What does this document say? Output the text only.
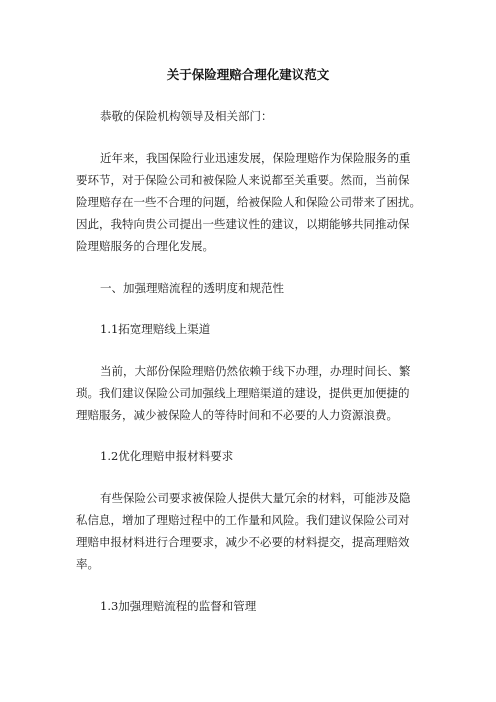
关于保险理赔合理化建议范文
恭敬的保险机构领导及相关部门：
近年来，我国保险行业迅速发展，保险理赔作为保险服务的重
要环节，对于保险公司和被保险人来说都至关重要。然而，当前保
险理赔存在一些不合理的问题，给被保险人和保险公司带来了困扰。
因此，我特向贵公司提出一些建议性的建议，以期能够共同推动保
险理赔服务的合理化发展。
一、加强理赔流程的透明度和规范性
1.1拓宽理赔线上渠道
当前，大部份保险理赔仍然依赖于线下办理，办理时间长、繁
琐。我们建议保险公司加强线上理赔渠道的建设，提供更加便捷的
理赔服务，减少被保险人的等待时间和不必要的人力资源浪费。
1.2优化理赔申报材料要求
有些保险公司要求被保险人提供大量冗余的材料，可能涉及隐
私信息，增加了理赔过程中的工作量和风险。我们建议保险公司对
理赔申报材料进行合理要求，减少不必要的材料提交，提高理赔效
率。
1.3加强理赔流程的监督和管理
